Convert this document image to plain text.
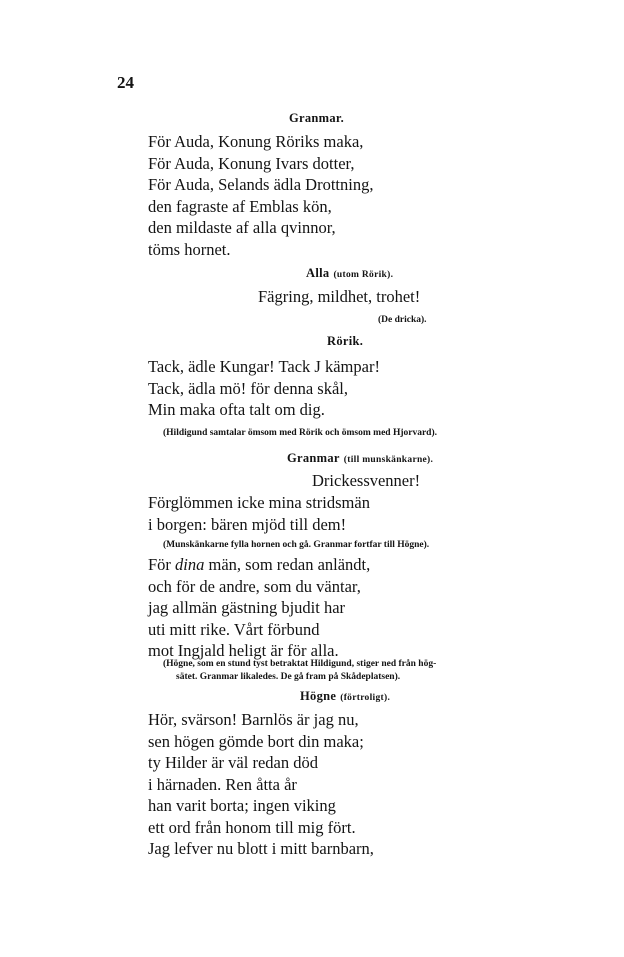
24
Granmar.
För Auda, Konung Röriks maka,
För Auda, Konung Ivars dotter,
För Auda, Selands ädla Drottning,
den fagraste af Emblas kön,
den mildaste af alla qvinnor,
töms hornet.
Alla (utom Rörik).
Fägring, mildhet, trohet!
(De dricka).
Rörik.
Tack, ädle Kungar! Tack J kämpar!
Tack, ädla mö! för denna skål,
Min maka ofta talt om dig.
(Hildigund samtalar ömsom med Rörik och ömsom med Hjorvard).
Granmar (till munskänkarne).
Drickessvenner!
Förglömmen icke mina stridsmän
i borgen: bären mjöd till dem!
(Munskänkarne fylla hornen och gå. Granmar fortfar till Högne).
För dina män, som redan anländt,
och för de andre, som du väntar,
jag allmän gästning bjudit har
uti mitt rike. Vårt förbund
mot Ingjald heligt är för alla.
(Högne, som en stund tyst betraktat Hildigund, stiger ned från hög-
sätet. Granmar likaledes. De gå fram på Skådeplatsen).
Högne (förtroligt).
Hör, svärson! Barnlös är jag nu,
sen högen gömde bort din maka;
ty Hilder är väl redan död
i härnaden. Ren åtta år
han varit borta; ingen viking
ett ord från honom till mig fört.
Jag lefver nu blott i mitt barnbarn,
